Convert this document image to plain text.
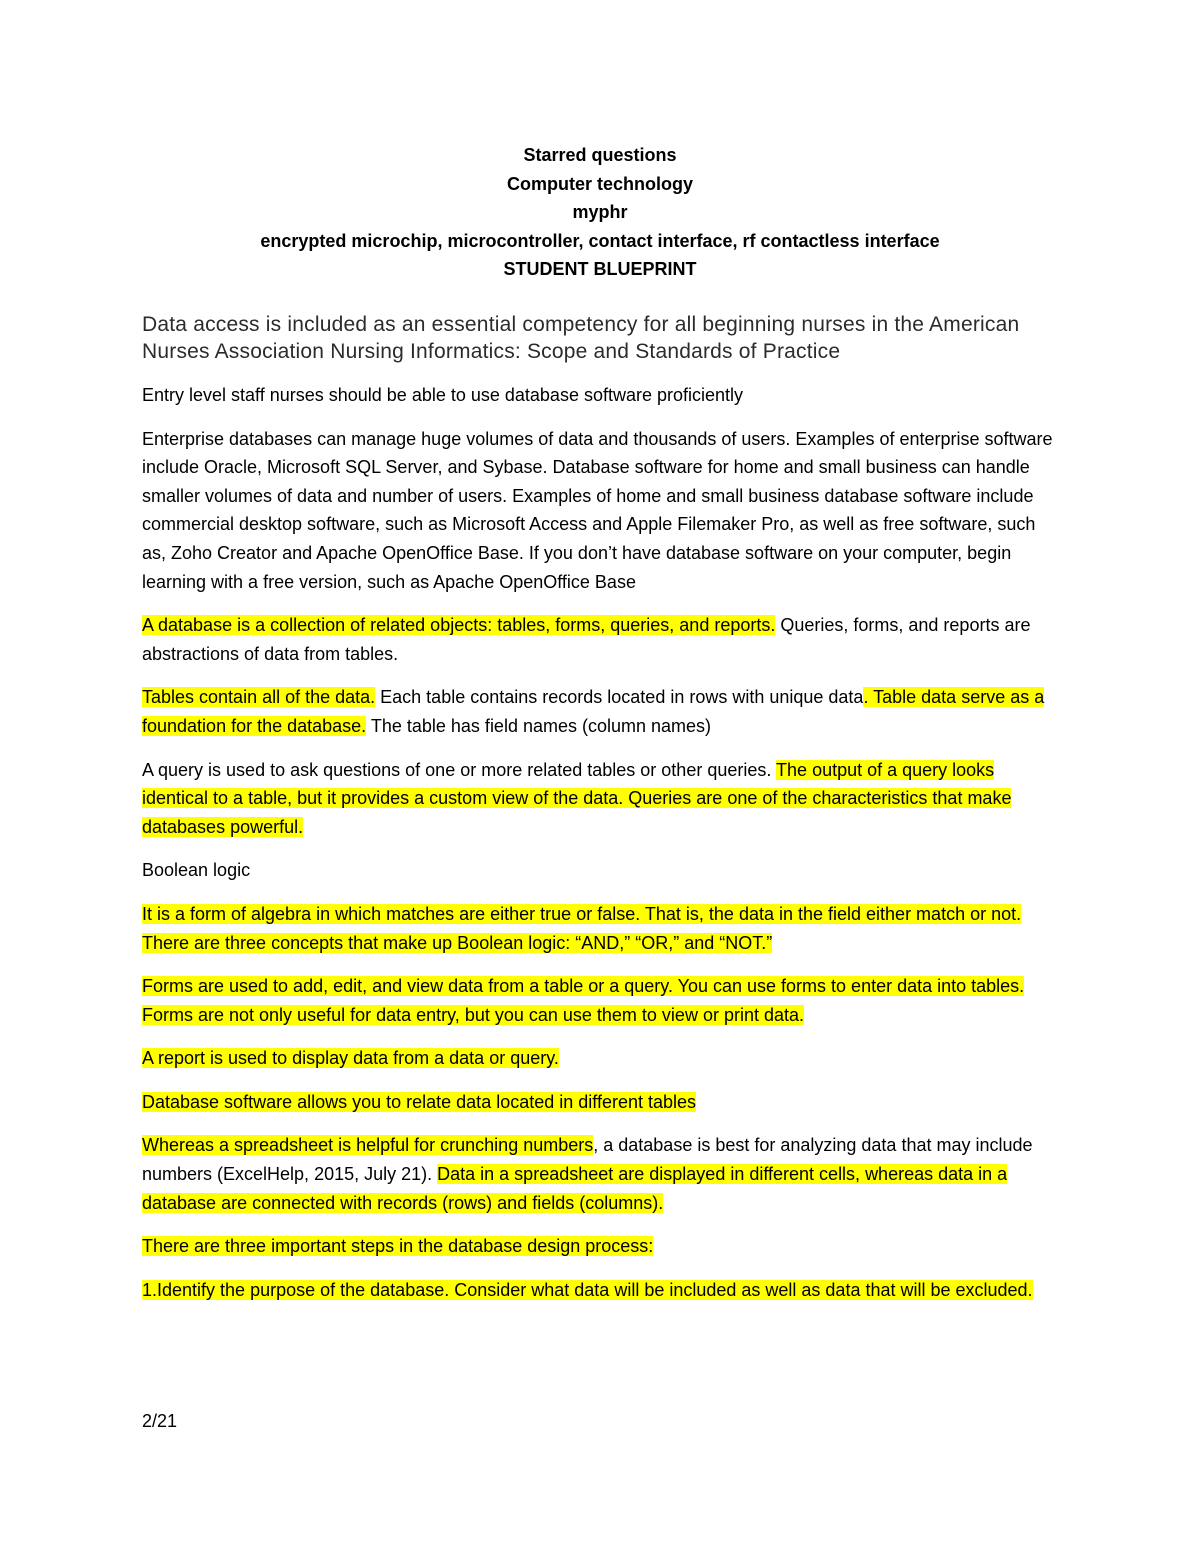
Starred questions
Computer technology
myphr
encrypted microchip, microcontroller, contact interface, rf contactless interface
STUDENT BLUEPRINT

Data access is included as an essential competency for all beginning nurses in the American Nurses Association Nursing Informatics: Scope and Standards of Practice

Entry level staff nurses should be able to use database software proficiently

Enterprise databases can manage huge volumes of data and thousands of users. Examples of enterprise software include Oracle, Microsoft SQL Server, and Sybase. Database software for home and small business can handle smaller volumes of data and number of users. Examples of home and small business database software include commercial desktop software, such as Microsoft Access and Apple Filemaker Pro, as well as free software, such as, Zoho Creator and Apache OpenOffice Base. If you don’t have database software on your computer, begin learning with a free version, such as Apache OpenOffice Base

A database is a collection of related objects: tables, forms, queries, and reports. Queries, forms, and reports are abstractions of data from tables.

Tables contain all of the data. Each table contains records located in rows with unique data. Table data serve as a foundation for the database. The table has field names (column names)

A query is used to ask questions of one or more related tables or other queries. The output of a query looks identical to a table, but it provides a custom view of the data. Queries are one of the characteristics that make databases powerful.

Boolean logic

It is a form of algebra in which matches are either true or false. That is, the data in the field either match or not. There are three concepts that make up Boolean logic: “AND,” “OR,” and “NOT.”

Forms are used to add, edit, and view data from a table or a query. You can use forms to enter data into tables. Forms are not only useful for data entry, but you can use them to view or print data.

A report is used to display data from a data or query.

Database software allows you to relate data located in different tables

Whereas a spreadsheet is helpful for crunching numbers, a database is best for analyzing data that may include numbers (ExcelHelp, 2015, July 21). Data in a spreadsheet are displayed in different cells, whereas data in a database are connected with records (rows) and fields (columns).

There are three important steps in the database design process:

1.Identify the purpose of the database. Consider what data will be included as well as data that will be excluded.

2/21
